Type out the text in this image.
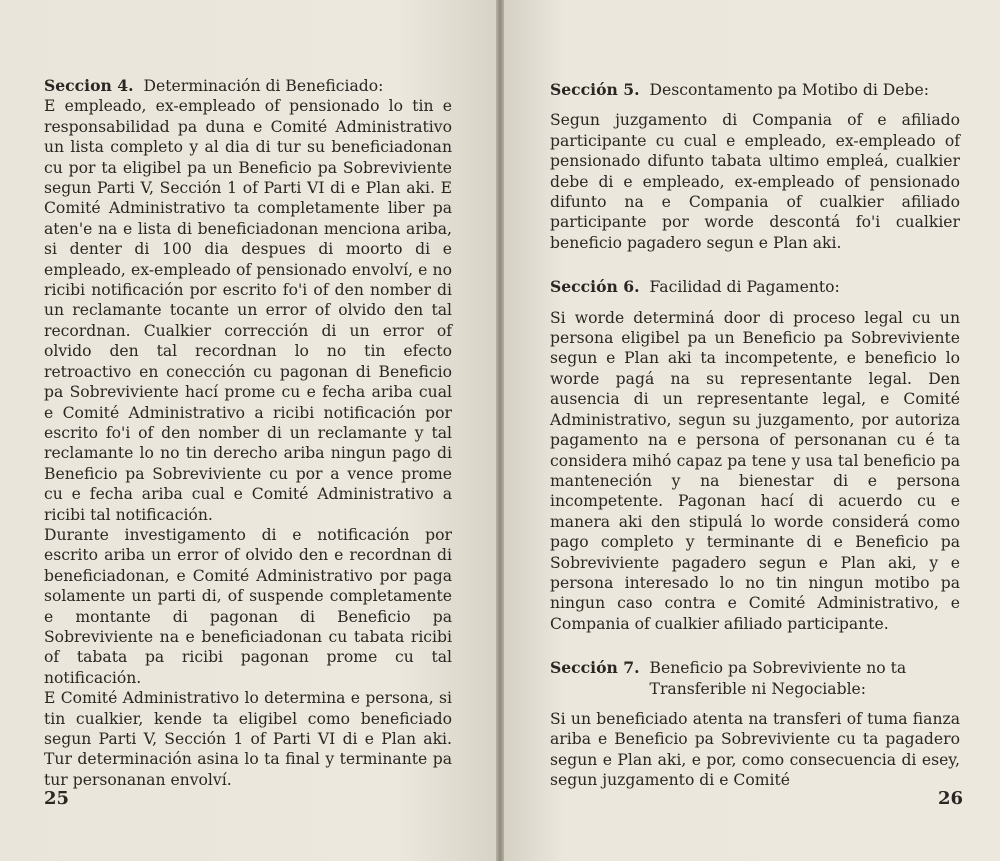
Seccion 4. Determinación di Beneficiado:

E empleado, ex-empleado of pensionado lo tin e responsabilidad pa duna e Comité Administrativo un lista completo y al dia di tur su beneficiadonan cu por ta eligibel pa un Beneficio pa Sobreviviente segun Parti V, Sección 1 of Parti VI di e Plan aki. E Comité Administrativo ta completamente liber pa aten'e na e lista di beneficiadonan menciona ariba, si denter di 100 dia despues di moorto di e empleado, ex-empleado of pensionado envolví, e no ricibi notificación por escrito fo'i of den nomber di un reclamante tocante un error of olvido den tal recordnan. Cualkier corrección di un error of olvido den tal recordnan lo no tin efecto retroactivo en conección cu pagonan di Beneficio pa Sobreviviente hací prome cu e fecha ariba cual e Comité Administrativo a ricibi notificación por escrito fo'i of den nomber di un reclamante y tal reclamante lo no tin derecho ariba ningun pago di Beneficio pa Sobreviviente cu por a vence prome cu e fecha ariba cual e Comité Administrativo a ricibi tal notificación.

Durante investigamento di e notificación por escrito ariba un error of olvido den e recordnan di beneficiadonan, e Comité Administrativo por paga solamente un parti di, of suspende completamente e montante di pagonan di Beneficio pa Sobreviviente na e beneficiadonan cu tabata ricibi of tabata pa ricibi pagonan prome cu tal notificación.

E Comité Administrativo lo determina e persona, si tin cualkier, kende ta eligibel como beneficiado segun Parti V, Sección 1 of Parti VI di e Plan aki. Tur determinación asina lo ta final y terminante pa tur personanan envolví.

25
Sección 5. Descontamento pa Motibo di Debe:

Segun juzgamento di Compania of e afiliado participante cu cual e empleado, ex-empleado of pensionado difunto tabata ultimo empleá, cualkier debe di e empleado, ex-empleado of pensionado difunto na e Compania of cualkier afiliado participante por worde descontá fo'i cualkier beneficio pagadero segun e Plan aki.

Sección 6. Facilidad di Pagamento:

Si worde determiná door di proceso legal cu un persona eligibel pa un Beneficio pa Sobreviviente segun e Plan aki ta incompetente, e beneficio lo worde pagá na su representante legal. Den ausencia di un representante legal, e Comité Administrativo, segun su juzgamento, por autoriza pagamento na e persona of personanan cu é ta considera mihó capaz pa tene y usa tal beneficio pa manteneción y na bienestar di e persona incompetente. Pagonan hací di acuerdo cu e manera aki den stipulá lo worde considerá como pago completo y terminante di e Beneficio pa Sobreviviente pagadero segun e Plan aki, y e persona interesado lo no tin ningun motibo pa ningun caso contra e Comité Administrativo, e Compania of cualkier afiliado participante.

Sección 7. Beneficio pa Sobreviviente no ta
Transferible ni Negociable:

Si un beneficiado atenta na transferi of tuma fianza ariba e Beneficio pa Sobreviviente cu ta pagadero segun e Plan aki, e por, como consecuencia di esey, segun juzgamento di e Comité

26
